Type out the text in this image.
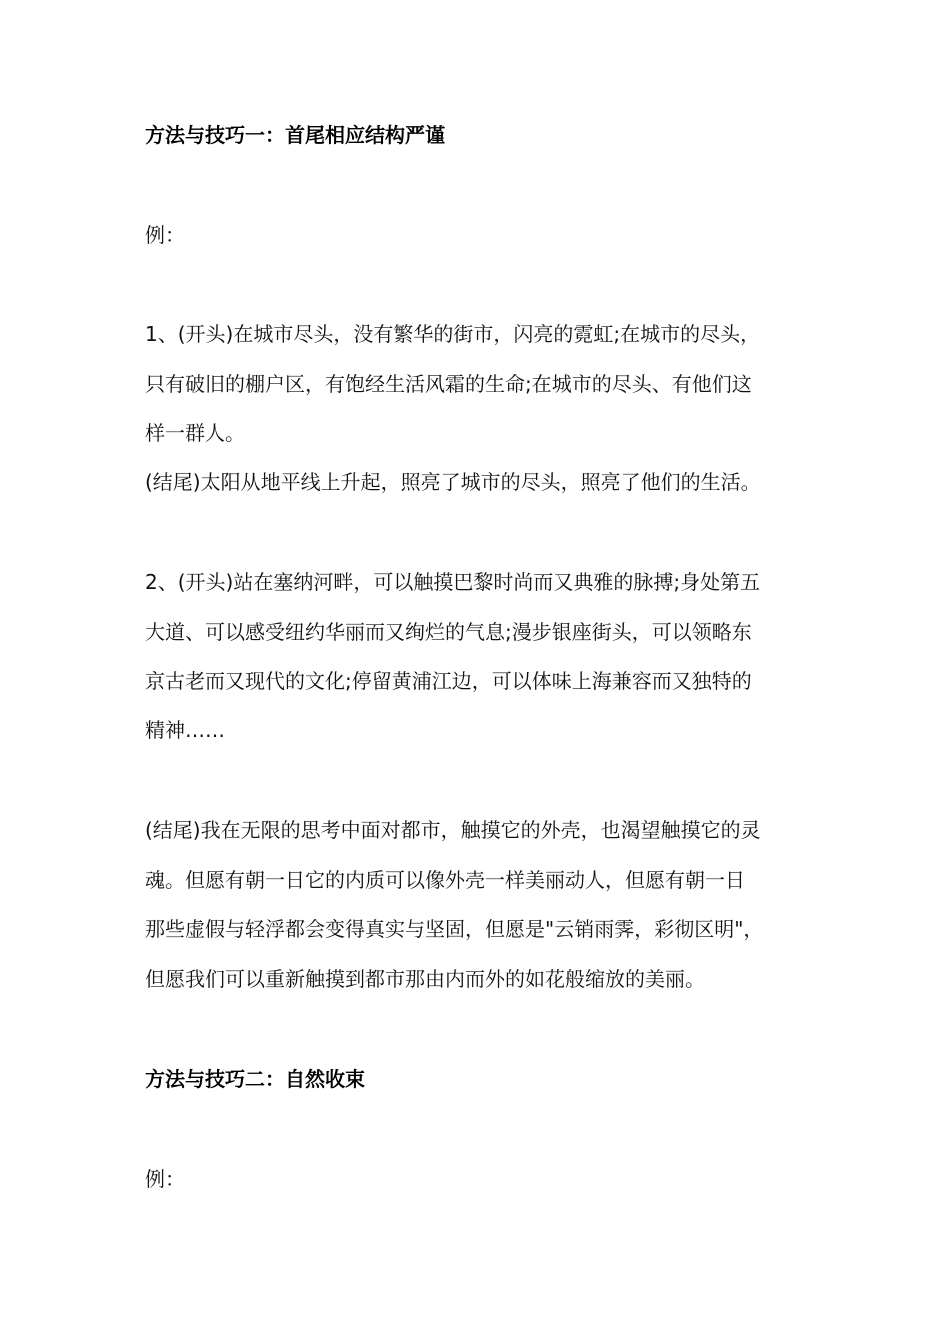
方法与技巧一：首尾相应结构严谨

例：

1、(开头)在城市尽头，没有繁华的街市，闪亮的霓虹;在城市的尽头，

只有破旧的棚户区，有饱经生活风霜的生命;在城市的尽头、有他们这

样一群人。

(结尾)太阳从地平线上升起，照亮了城市的尽头，照亮了他们的生活。

2、(开头)站在塞纳河畔，可以触摸巴黎时尚而又典雅的脉搏;身处第五

大道、可以感受纽约华丽而又绚烂的气息;漫步银座街头，可以领略东

京古老而又现代的文化;停留黄浦江边，可以体味上海兼容而又独特的

精神……

(结尾)我在无限的思考中面对都市，触摸它的外壳，也渴望触摸它的灵

魂。但愿有朝一日它的内质可以像外壳一样美丽动人，但愿有朝一日

那些虚假与轻浮都会变得真实与坚固，但愿是"云销雨霁，彩彻区明"，

但愿我们可以重新触摸到都市那由内而外的如花般缩放的美丽。

方法与技巧二：自然收束

例：
